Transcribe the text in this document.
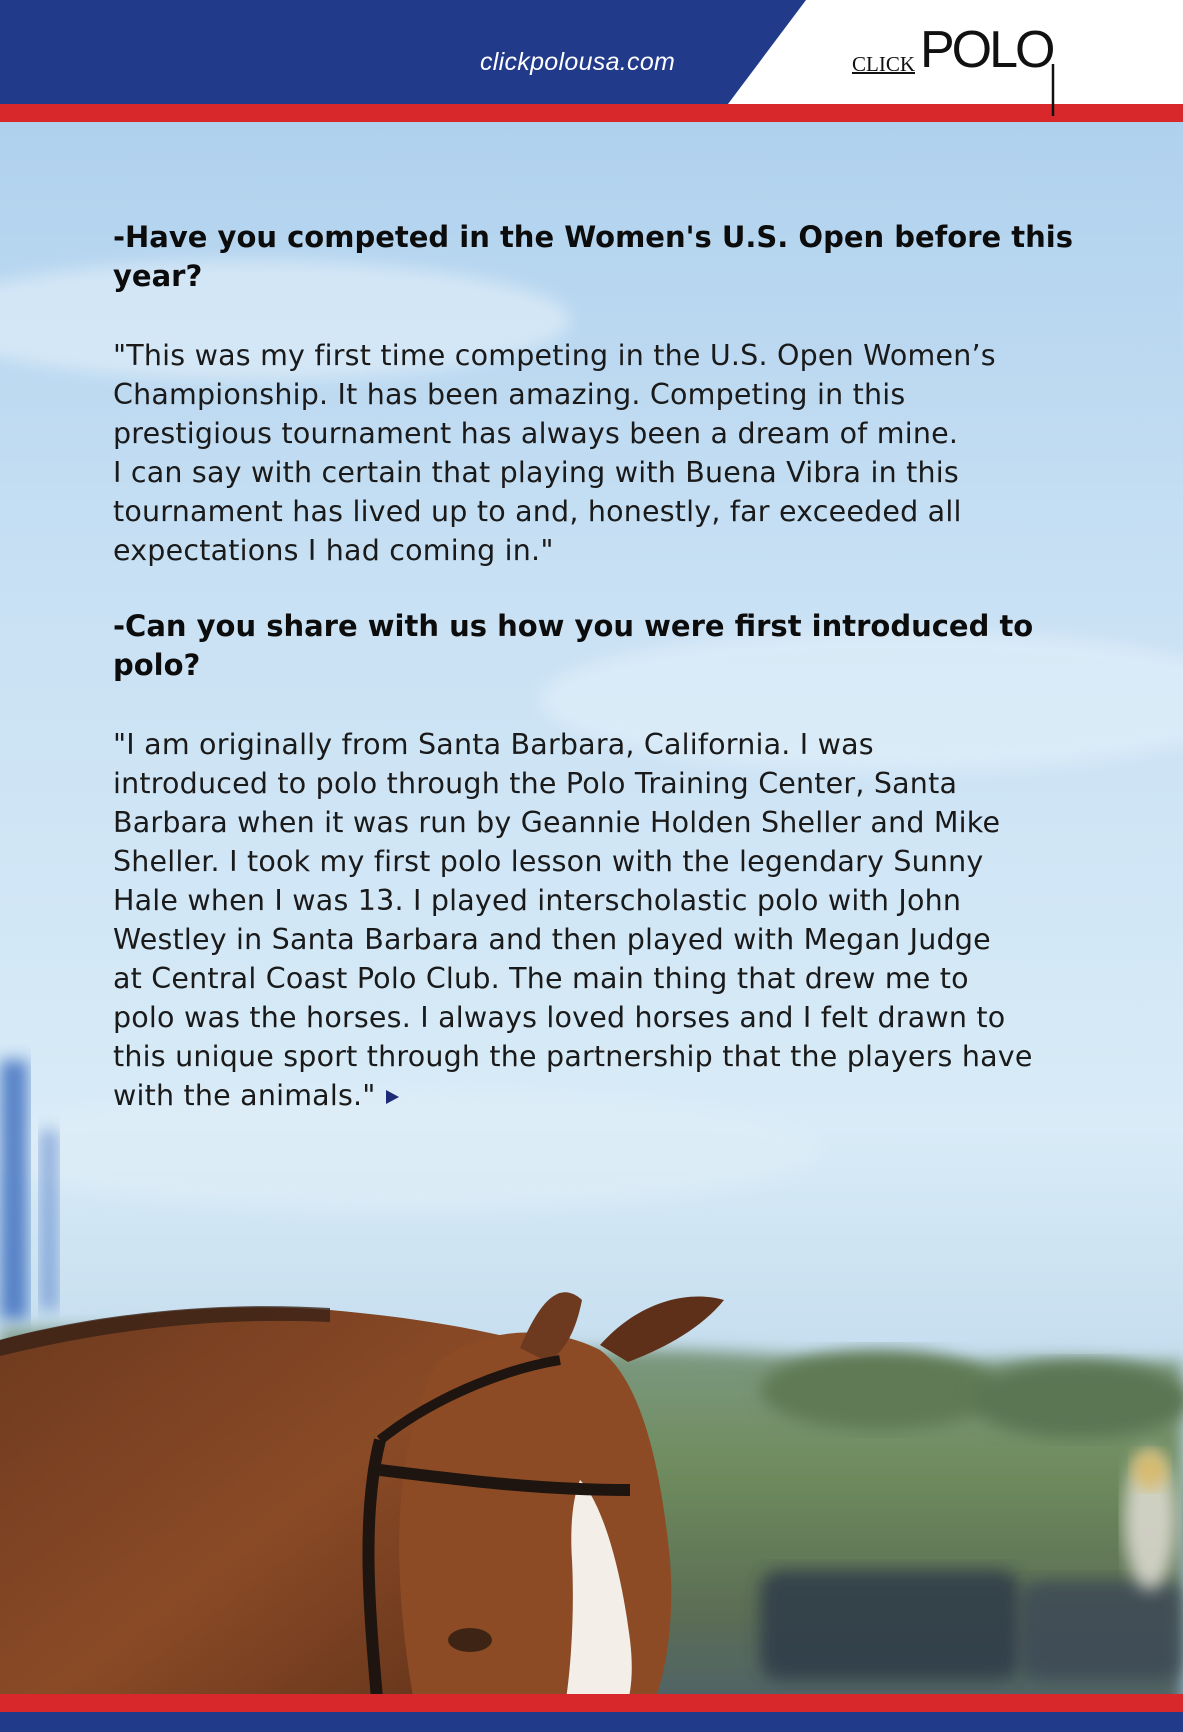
clickpolousa.com	CLICK POLO
-Have you competed in the Women's U.S. Open before this
year?
"This was my first time competing in the U.S. Open Women’s
Championship. It has been amazing. Competing in this
prestigious tournament has always been a dream of mine.
I can say with certain that playing with Buena Vibra in this
tournament has lived up to and, honestly, far exceeded all
expectations I had coming in."
-Can you share with us how you were first introduced to
polo?
"I am originally from Santa Barbara, California. I was
introduced to polo through the Polo Training Center, Santa
Barbara when it was run by Geannie Holden Sheller and Mike
Sheller. I took my first polo lesson with the legendary Sunny
Hale when I was 13. I played interscholastic polo with John
Westley in Santa Barbara and then played with Megan Judge
at Central Coast Polo Club. The main thing that drew me to
polo was the horses. I always loved horses and I felt drawn to
this unique sport through the partnership that the players have
with the animals."
